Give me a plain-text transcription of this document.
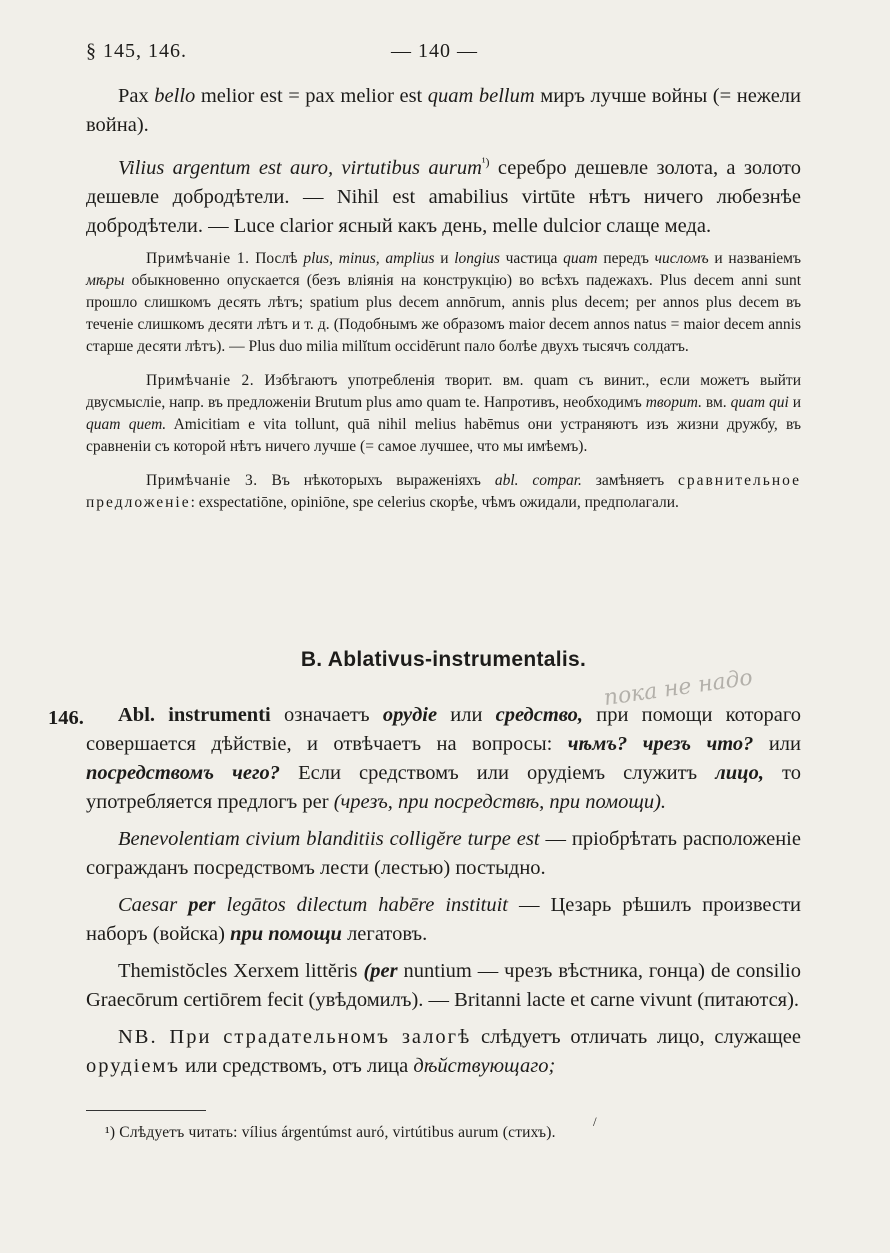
§ 145, 146.	— 140 —

Pax bello melior est = pax melior est quam bellum миръ лучше войны (= нежели война).

Vilius argentum est auro, virtutibus aurum$^{^1)}$ серебро дешевле золота, а золото дешевле добродѣтели. — Nihil est amabilius virtūte нѣтъ ничего любезнѣе добродѣтели. — Luce clarior ясный какъ день, melle dulcior слаще меда.

Примѣчаніе 1. Послѣ plus, minus, amplius и longius частица quam передъ числомъ и названіемъ мѣры обыкновенно опускается (безъ вліянія на конструкцію) во всѣхъ падежахъ. Plus decem anni sunt прошло слишкомъ десять лѣтъ; spatium plus decem annōrum, annis plus decem; per annos plus decem въ теченіе слишкомъ десяти лѣтъ и т. д. (Подобнымъ же образомъ maior decem annos natus = maior decem annis старше десяти лѣтъ). — Plus duo milia milĭtum occidērunt пало болѣе двухъ тысячъ солдатъ.

Примѣчаніе 2. Избѣгаютъ употребленія творит. вм. quam съ винит., если можетъ выйти двусмысліе, напр. въ предложеніи Brutum plus amo quam te. Напротивъ, необходимъ творит. вм. quam qui и quam quem. Amicitiam e vita tollunt, quā nihil melius habēmus они устраняютъ изъ жизни дружбу, въ сравненіи съ которой нѣтъ ничего лучше (= самое лучшее, что мы имѣемъ).

Примѣчаніе 3. Въ нѣкоторыхъ выраженіяхъ abl. compar. замѣняетъ сравнительное предложеніе: exspectatiōne, opiniōne, spe celerius скорѣе, чѣмъ ожидали, предполагали.

B. Ablativus-instrumentalis.
пока не надо
146.	Abl. instrumenti означаетъ орудіе или средство, при помощи котораго совершается дѣйствіе, и отвѣчаетъ на вопросы: чѣмъ? чрезъ что? или посредствомъ чего? Если средствомъ или орудіемъ служитъ лицо, то употребляется предлогъ per (чрезъ, при посредствѣ, при помощи).

Benevolentiam civium blanditiis colligĕre turpe est — пріобрѣтать расположеніе согражданъ посредствомъ лести (лестью) постыдно.

Caesar per legātos dilectum habēre instituit — Цезарь рѣшилъ произвести наборъ (войска) при помощи легатовъ.

Themistŏcles Xerxem littĕris (per nuntium — чрезъ вѣстника, гонца) de consilio Graecōrum certiōrem fecit (увѣдомилъ). — Britanni lacte et carne vivunt (питаются).

NB. При страдательномъ залогѣ слѣдуетъ отличать лицо, служащее орудіемъ или средствомъ, отъ лица дѣйствующаго;

/
¹) Слѣдуетъ читать: vílius árgentúmst auró, virtútibus aurum (стихъ).
